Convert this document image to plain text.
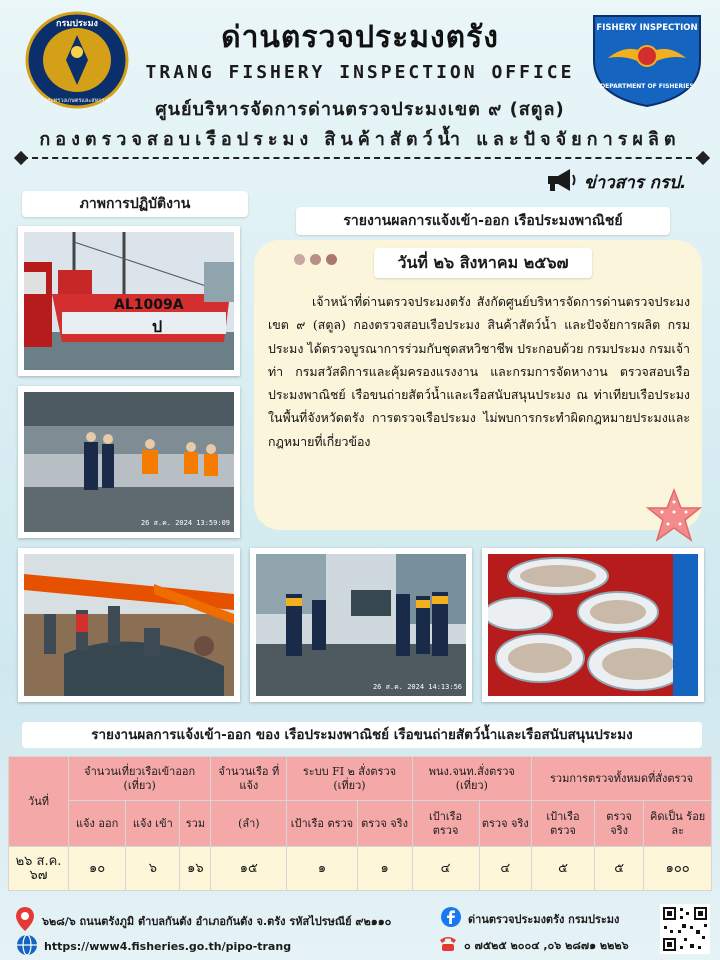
กรมประมง
กระทรวงเกษตรและสหกรณ์
FISHERY INSPECTION
DEPARTMENT OF FISHERIES
ด่านตรวจประมงตรัง
TRANG FISHERY INSPECTION OFFICE
ศูนย์บริหารจัดการด่านตรวจประมงเขต ๙ (สตูล)
กองตรวจสอบเรือประมง สินค้าสัตว์น้ำ และปัจจัยการผลิต
ข่าวสาร กรป.
ภาพการปฏิบัติงาน
รายงานผลการแจ้งเข้า-ออก เรือประมงพาณิชย์
AL1009A
ป
26 ส.ค. 2024 13:59:09
26 ส.ค. 2024 14:13:56
วันที่ ๒๖ สิงหาคม ๒๕๖๗

เจ้าหน้าที่ด่านตรวจประมงตรัง สังกัดศูนย์บริหารจัดการด่านตรวจประมง เขต ๙ (สตูล) กองตรวจสอบเรือประมง สินค้าสัตว์น้ำ และปัจจัยการผลิต กรมประมง ได้ตรวจบูรณาการร่วมกับชุดสหวิชาชีพ ประกอบด้วย กรมประมง กรมเจ้าท่า กรมสวัสดิการและคุ้มครองแรงงาน และกรมการจัดหางาน ตรวจสอบเรือประมงพาณิชย์ เรือขนถ่ายสัตว์น้ำและเรือสนับสนุนประมง ณ ท่าเทียบเรือประมงในพื้นที่จังหวัดตรัง การตรวจเรือประมง ไม่พบการกระทำผิดกฎหมายประมงและกฎหมายที่เกี่ยวข้อง

รายงานผลการแจ้งเข้า-ออก ของ เรือประมงพาณิชย์ เรือขนถ่ายสัตว์น้ำและเรือสนับสนุนประมง
วันที่	จำนวนเที่ยวเรือเข้าออก (เที่ยว)			จำนวนเรือ ที่แจ้ง	ระบบ FI ๒ สั่งตรวจ (เที่ยว)		พนง.จนท.สั่งตรวจ (เที่ยว)		รวมการตรวจทั้งหมดที่สั่งตรวจ		
	แจ้ง ออก	แจ้ง เข้า	รวม	(ลำ)	เป้าเรือ ตรวจ	ตรวจ จริง	เป้าเรือ ตรวจ	ตรวจ จริง	เป้าเรือ ตรวจ	ตรวจ จริง	คิดเป็น ร้อยละ
๒๖ ส.ค. ๖๗	๑๐	๖	๑๖	๑๕	๑	๑	๔	๔	๕	๕	๑๐๐
๖๒๘/๖ ถนนตรังภูมิ ตำบลกันตัง อำเภอกันตัง จ.ตรัง รหัสไปรษณีย์ ๙๒๑๑๐	ด่านตรวจประมงตรัง กรมประมง
https://www4.fisheries.go.th/pipo-trang	๐ ๗๕๒๕ ๒๐๐๔ ,๐๖ ๒๘๗๑ ๒๒๒๖
